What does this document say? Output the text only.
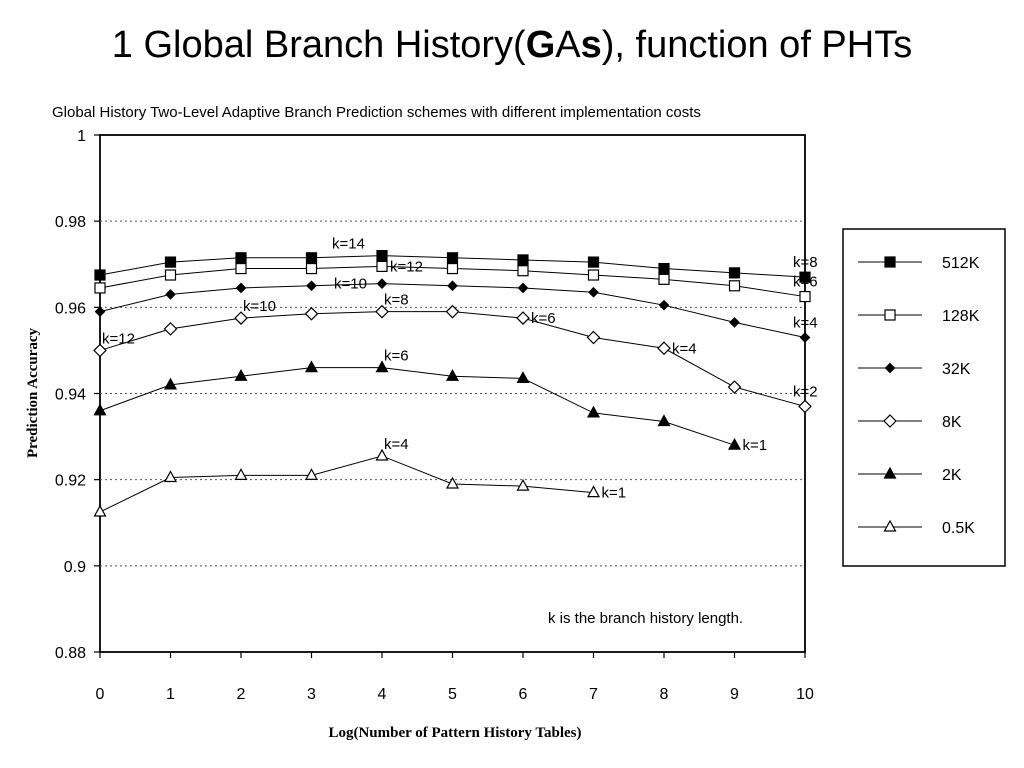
1 Global Branch History(GAs), function of PHTs
Global History Two-Level Adaptive Branch Prediction schemes with different implementation costs
0.88
0.9
0.92
0.94
0.96
0.98
1
0	1	2	3	4	5	6	7	8	9	10
k=14
k=12
k=10
k=8
k=6
k=4
k=12
k=10
k=6
k=4
k=1
k=1
k=8
k=6
k=4
k=2
k is the branch history length.
Prediction Accuracy
Log(Number of Pattern History Tables)
512K
128K
32K
8K
2K
0.5K
